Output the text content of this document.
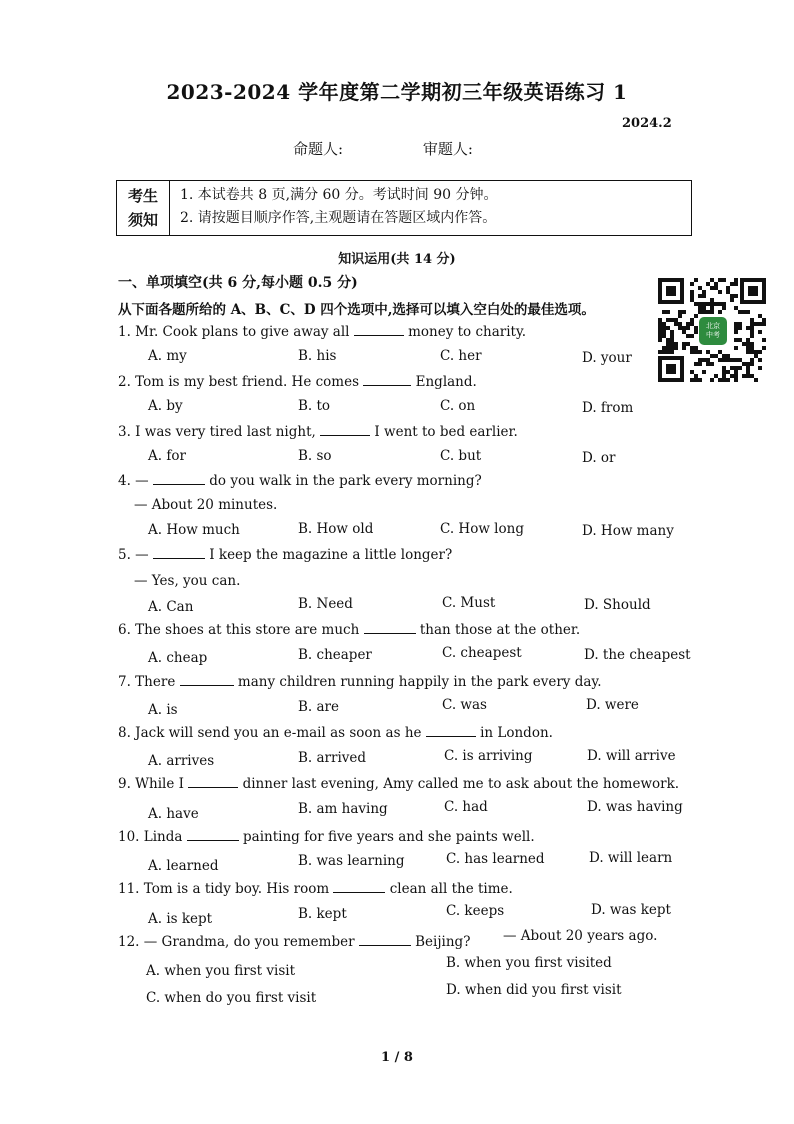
2023-2024 学年度第二学期初三年级英语练习 1
2024.2
命题人:	审题人:
考生
须知
1. 本试卷共 8 页,满分 60 分。考试时间 90 分钟。
2. 请按题目顺序作答,主观题请在答题区域内作答。
知识运用(共 14 分)
一、单项填空(共 6 分,每小题 0.5 分)
从下面各题所给的 A、B、C、D 四个选项中,选择可以填入空白处的最佳选项。
北京
中考
1. Mr. Cook plans to give away all	money to charity.
A. my	B. his	C. her	D. your
2. Tom is my best friend. He comes	England.
A. by	B. to	C. on	D. from
3. I was very tired last night,	I went to bed earlier.
A. for	B. so	C. but	D. or
4. —	do you walk in the park every morning?
— About 20 minutes.
A. How much	B. How old	C. How long	D. How many
5. —	I keep the magazine a little longer?
— Yes, you can.
A. Can	B. Need	C. Must	D. Should
6. The shoes at this store are much	than those at the other.
A. cheap	B. cheaper	C. cheapest	D. the cheapest
7. There	many children running happily in the park every day.
A. is	B. are	C. was	D. were
8. Jack will send you an e-mail as soon as he	in London.
A. arrives	B. arrived	C. is arriving	D. will arrive
9. While I	dinner last evening, Amy called me to ask about the homework.
A. have	B. am having	C. had	D. was having
10. Linda	painting for five years and she paints well.
A. learned	B. was learning	C. has learned	D. will learn
11. Tom is a tidy boy. His room	clean all the time.
A. is kept	B. kept	C. keeps	D. was kept
12. — Grandma, do you remember	Beijing? — About 20 years ago.
A. when you first visit	B. when you first visited
C. when do you first visit	D. when did you first visit
1 / 8
